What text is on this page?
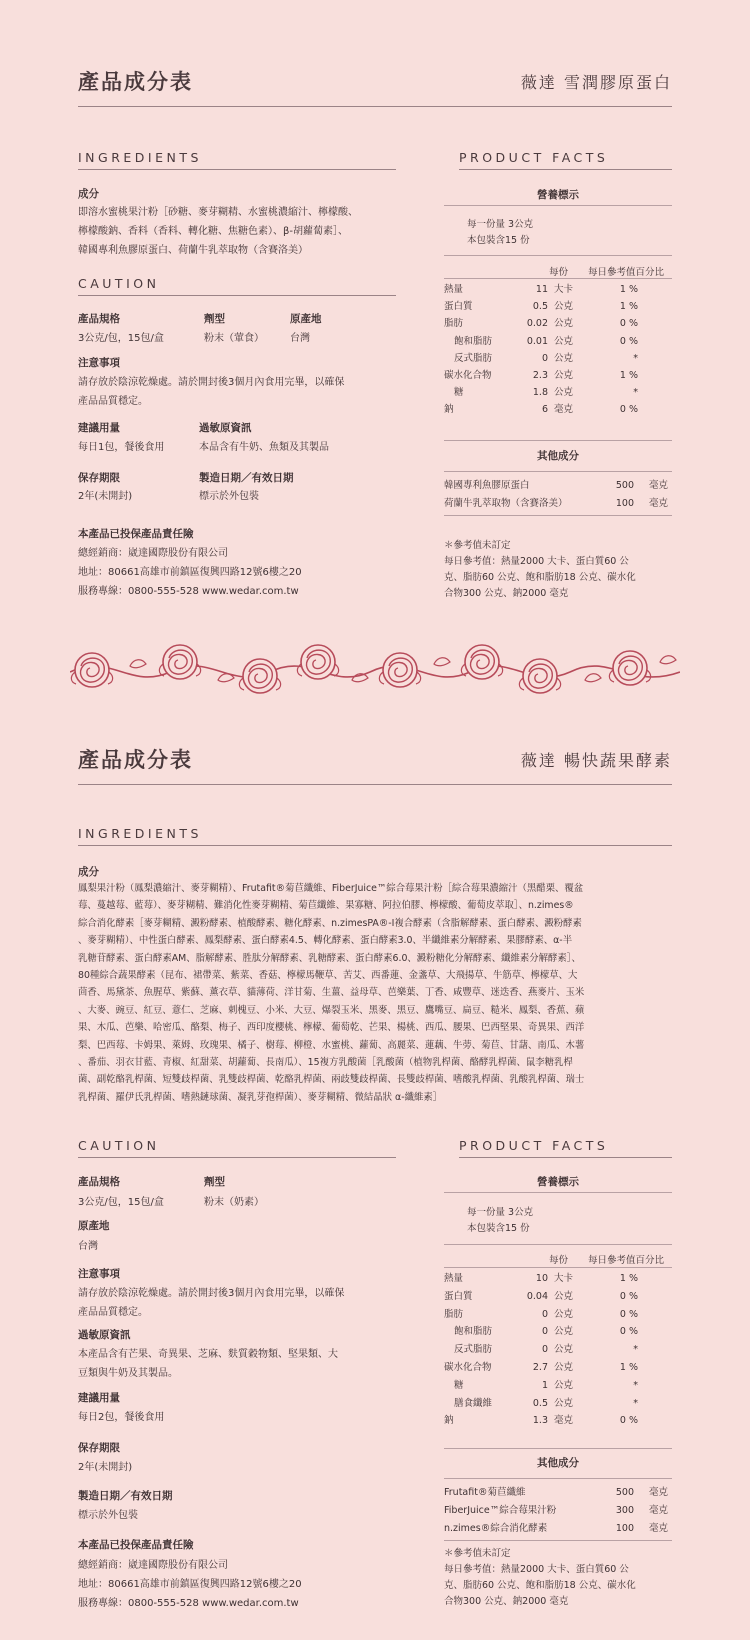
產品成分表	薇達 雪潤膠原蛋白
INGREDIENTS
成分
即溶水蜜桃果汁粉［砂糖、麥芽糊精、水蜜桃濃縮汁、檸檬酸、
檸檬酸鈉、香料（香料、轉化糖、焦糖色素）、β-胡蘿蔔素］、
韓國專利魚膠原蛋白、荷蘭牛乳萃取物（含賽洛美）
CAUTION
產品規格	劑型	原產地
3公克/包，15包/盒	粉末（葷食）	台灣
注意事項
請存放於陰涼乾燥處。請於開封後3個月內食用完畢，以確保
產品品質穩定。
建議用量	過敏原資訊
每日1包，餐後食用	本品含有牛奶、魚類及其製品
保存期限	製造日期／有效日期
2年(未開封)	標示於外包裝
本產品已投保產品責任險
總經銷商：崴達國際股份有限公司
地址：80661高雄市前鎮區復興四路12號6樓之20
服務專線：0800-555-528 www.wedar.com.tw
PRODUCT FACTS
營養標示
每一份量 3公克
本包裝含15 份
每份 每日參考值百分比
熱量	11 大卡	1 %
蛋白質	0.5 公克	1 %
脂肪	0.02 公克	0 %
飽和脂肪	0.01 公克	0 %
反式脂肪	0 公克	*
碳水化合物	2.3 公克	1 %
糖	1.8 公克	*
鈉	6 毫克	0 %
其他成分
韓國專利魚膠原蛋白	500 毫克
荷蘭牛乳萃取物（含賽洛美）	100 毫克
＊參考值未訂定
每日參考值：熱量2000 大卡、蛋白質60 公
克、脂肪60 公克、飽和脂肪18 公克、碳水化
合物300 公克、鈉2000 毫克
產品成分表	薇達 暢快蔬果酵素
INGREDIENTS
成分
鳳梨果汁粉（鳳梨濃縮汁、麥芽糊精）、Frutafit®菊苣纖維、FiberJuice™綜合莓果汁粉［綜合莓果濃縮汁（黑醋栗、覆盆
莓、蔓越莓、藍莓）、麥芽糊精、難消化性麥芽糊精、菊苣纖維、果寡糖、阿拉伯膠、檸檬酸、葡萄皮萃取］、n.zimes®
綜合消化酵素［麥芽糊精、澱粉酵素、植酸酵素、糖化酵素、n.zimesPA®-I複合酵素（含脂解酵素、蛋白酵素、澱粉酵素
、麥芽糊精）、中性蛋白酵素、鳳梨酵素、蛋白酵素4.5、轉化酵素、蛋白酵素3.0、半纖維素分解酵素、果膠酵素、α-半
乳糖苷酵素、蛋白酵素AM、脂解酵素、胜肽分解酵素、乳糖酵素、蛋白酵素6.0、澱粉糖化分解酵素、纖維素分解酵素］、
80種綜合蔬果酵素（昆布、裙帶菜、紫菜、香菇、檸檬馬鞭草、苦艾、西番蓮、金盞草、大飛揚草、牛筋草、檸檬草、大
茴香、馬黛茶、魚腥草、紫蘇、薰衣草、貓薄荷、洋甘菊、生薑、益母草、芭樂葉、丁香、咸豐草、迷迭香、燕麥片、玉米
、大麥、豌豆、紅豆、薏仁、芝麻、刺槐豆、小米、大豆、爆裂玉米、黑麥、黑豆、鷹嘴豆、扁豆、糙米、鳳梨、香蕉、蘋
果、木瓜、芭樂、哈密瓜、酪梨、梅子、西印度櫻桃、檸檬、葡萄乾、芒果、楊桃、西瓜、腰果、巴西堅果、奇異果、西洋
梨、巴西莓、卡姆果、萊姆、玫瑰果、橘子、樹莓、柳橙、水蜜桃、蘿蔔、高麗菜、蓮藕、牛蒡、菊苣、甘藷、南瓜、木薯
、番茄、羽衣甘藍、青椒、紅甜菜、胡蘿蔔、長南瓜）、15複方乳酸菌［乳酸菌（植物乳桿菌、酪酵乳桿菌、鼠李糖乳桿
菌、副乾酪乳桿菌、短雙歧桿菌、乳雙歧桿菌、乾酪乳桿菌、兩歧雙歧桿菌、長雙歧桿菌、嗜酸乳桿菌、乳酸乳桿菌、瑞士
乳桿菌、羅伊氏乳桿菌、嗜熱鏈球菌、凝乳芽孢桿菌）、麥芽糊精、微結晶狀 α-纖維素］
CAUTION
產品規格	劑型
3公克/包，15包/盒	粉末（奶素）
原產地
台灣
注意事項
請存放於陰涼乾燥處。請於開封後3個月內食用完畢，以確保
產品品質穩定。
過敏原資訊
本產品含有芒果、奇異果、芝麻、麩質穀物類、堅果類、大
豆類與牛奶及其製品。
建議用量
每日2包，餐後食用
保存期限
2年(未開封)
製造日期／有效日期
標示於外包裝
本產品已投保產品責任險
總經銷商：崴達國際股份有限公司
地址：80661高雄市前鎮區復興四路12號6樓之20
服務專線：0800-555-528 www.wedar.com.tw
PRODUCT FACTS
營養標示
每一份量 3公克
本包裝含15 份
每份 每日參考值百分比
熱量	10 大卡	1 %
蛋白質	0.04 公克	0 %
脂肪	0 公克	0 %
飽和脂肪	0 公克	0 %
反式脂肪	0 公克	*
碳水化合物	2.7 公克	1 %
糖	1 公克	*
膳食纖維	0.5 公克	*
鈉	1.3 毫克	0 %
其他成分
Frutafit®菊苣纖維	500 毫克
FiberJuice™綜合莓果汁粉	300 毫克
n.zimes®綜合消化酵素	100 毫克
＊參考值未訂定
每日參考值：熱量2000 大卡、蛋白質60 公
克、脂肪60 公克、飽和脂肪18 公克、碳水化
合物300 公克、鈉2000 毫克
